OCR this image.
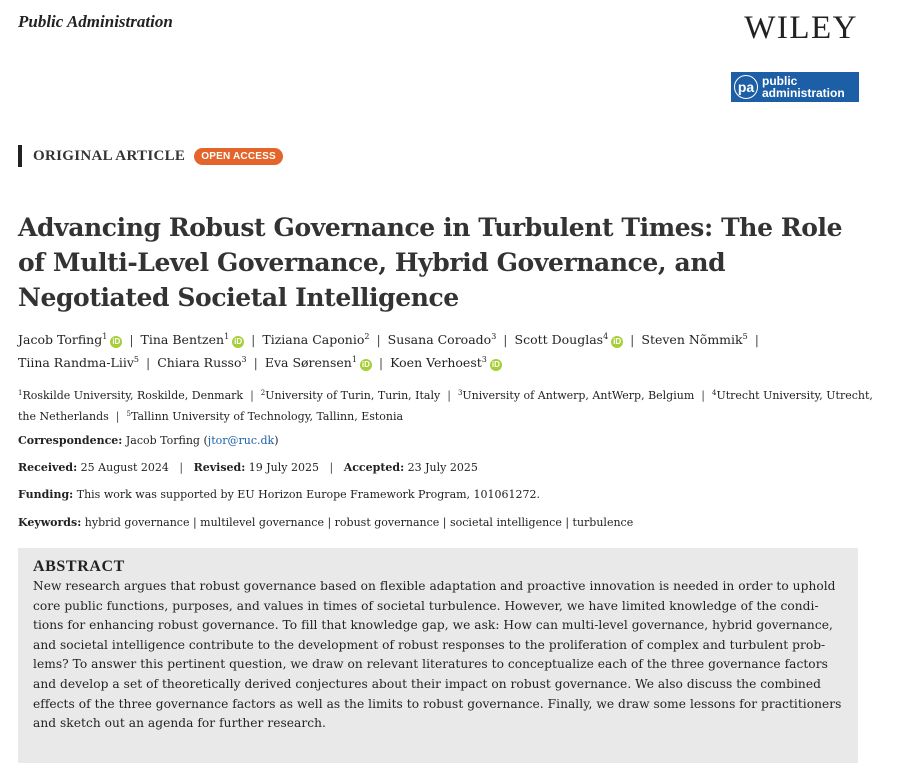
Public Administration	WILEY
pa public
administration
ORIGINAL ARTICLE	OPEN ACCESS
Advancing Robust Governance in Turbulent Times: The Role of Multi-Level Governance, Hybrid Governance, and Negotiated Societal Intelligence

Jacob Torfing$^1$iD | Tina Bentzen$^1$iD | Tiziana Caponio$^2$ | Susana Coroado$^3$ | Scott Douglas$^4$iD | Steven Nõmmik$^5$ |
Tiina Randma-Liiv$^5$ | Chiara Russo$^3$ | Eva Sørensen$^1$iD | Koen Verhoest$^3$iD

$^1$Roskilde University, Roskilde, Denmark | $^2$University of Turin, Turin, Italy | $^3$University of Antwerp, AntWerp, Belgium | $^4$Utrecht University, Utrecht, the Netherlands | $^5$Tallinn University of Technology, Tallinn, Estonia

Correspondence: Jacob Torfing (jtor@ruc.dk)

Received: 25 August 2024 | Revised: 19 July 2025 | Accepted: 23 July 2025

Funding: This work was supported by EU Horizon Europe Framework Program, 101061272.

Keywords: hybrid governance | multilevel governance | robust governance | societal intelligence | turbulence

ABSTRACT

New research argues that robust governance based on flexible adaptation and proactive innovation is needed in order to uphold
core public functions, purposes, and values in times of societal turbulence. However, we have limited knowledge of the condi-
tions for enhancing robust governance. To fill that knowledge gap, we ask: How can multi-level governance, hybrid governance,
and societal intelligence contribute to the development of robust responses to the proliferation of complex and turbulent prob-
lems? To answer this pertinent question, we draw on relevant literatures to conceptualize each of the three governance factors
and develop a set of theoretically derived conjectures about their impact on robust governance. We also discuss the combined
effects of the three governance factors as well as the limits to robust governance. Finally, we draw some lessons for practitioners
and sketch out an agenda for further research.
